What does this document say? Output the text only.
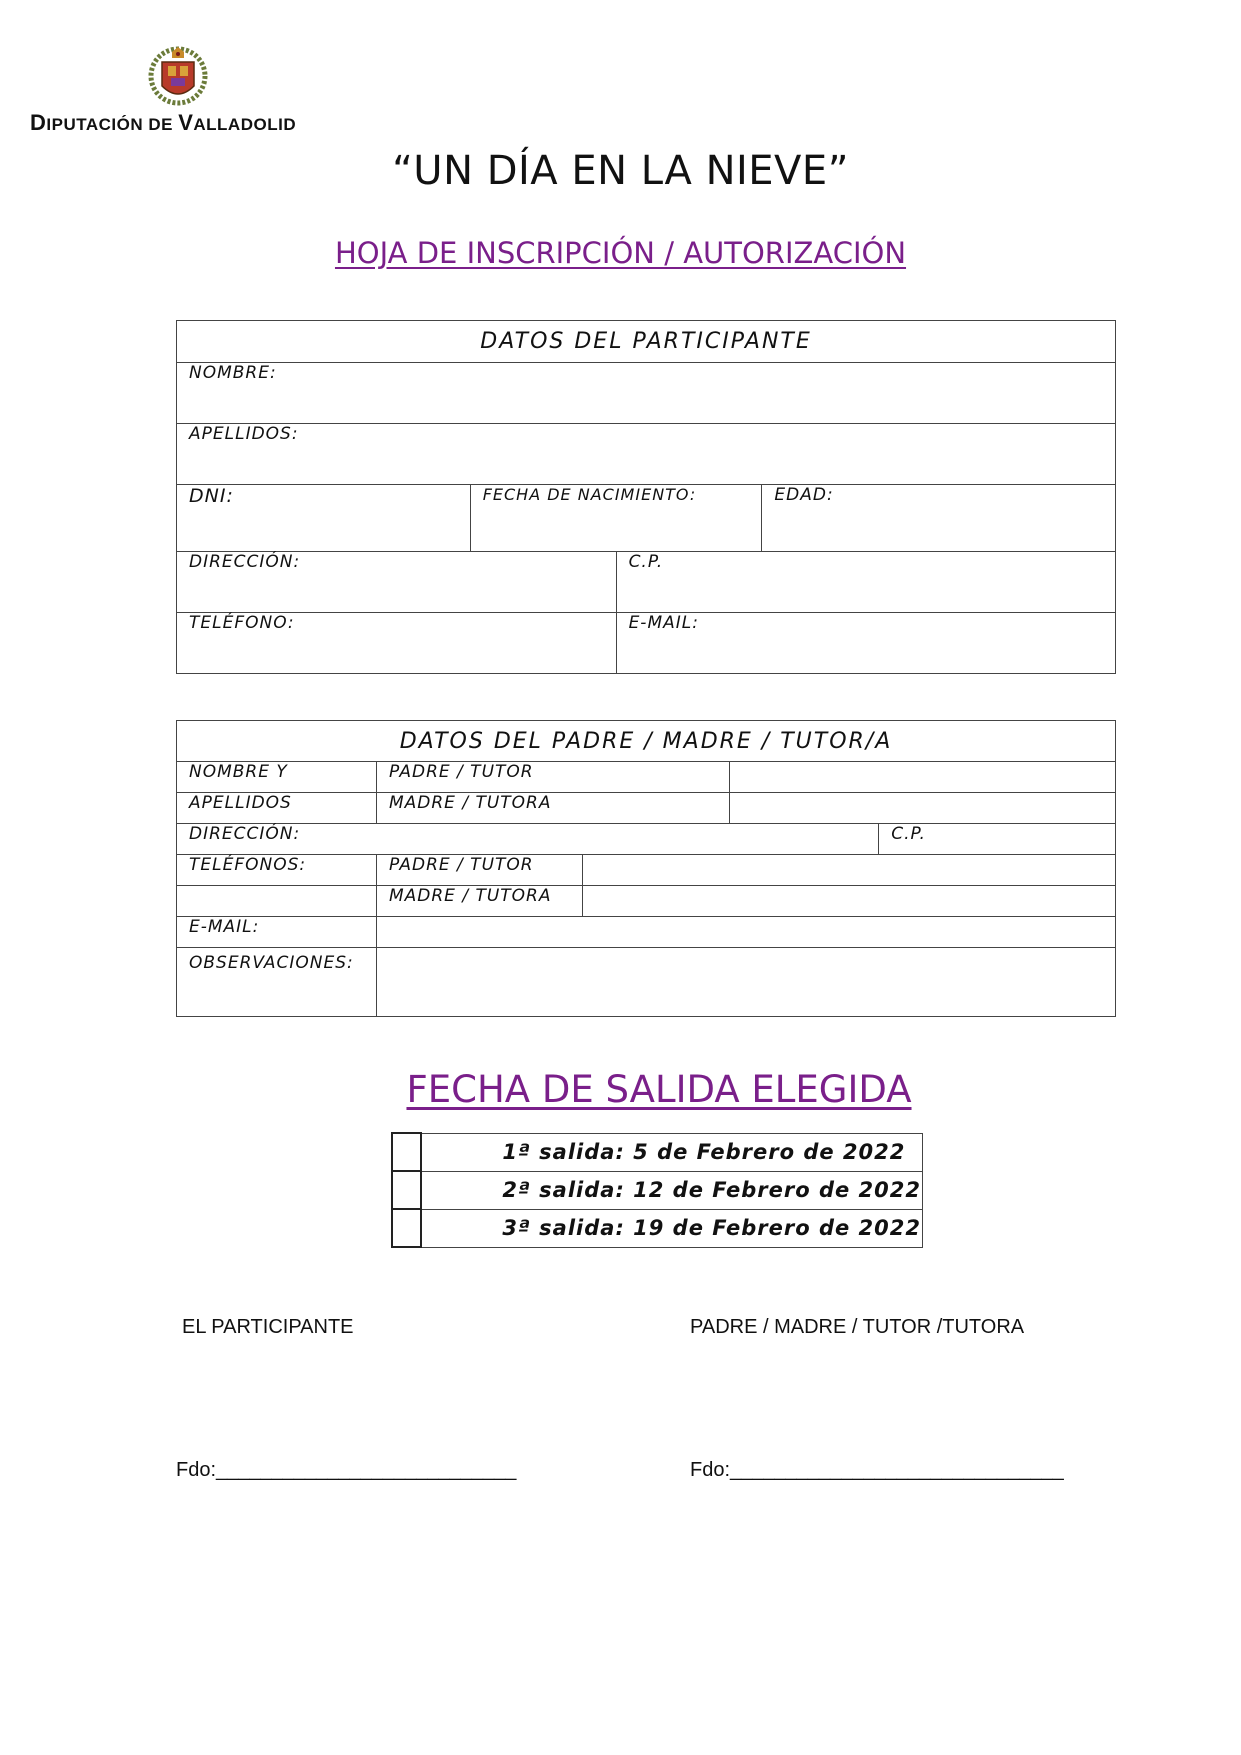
DIPUTACIÓN DE VALLADOLID
“UN DÍA EN LA NIEVE”
HOJA DE INSCRIPCIÓN / AUTORIZACIÓN
DATOS DEL PARTICIPANTE			
NOMBRE:			
APELLIDOS:			
DNI:	FECHA DE NACIMIENTO:		EDAD:
DIRECCIÓN:		C.P.	
TELÉFONO:		E-MAIL:	
DATOS DEL PADRE / MADRE / TUTOR/A				
NOMBRE Y	PADRE / TUTOR			
APELLIDOS	MADRE / TUTORA			
DIRECCIÓN:				C.P.
TELÉFONOS:	PADRE / TUTOR			
	MADRE / TUTORA			
E-MAIL:				
OBSERVACIONES:				
FECHA DE SALIDA ELEGIDA
	1ª salida: 5 de Febrero de 2022
	2ª salida: 12 de Febrero de 2022
	3ª salida: 19 de Febrero de 2022
EL PARTICIPANTE	PADRE / MADRE / TUTOR /TUTORA
Fdo:___________________________	Fdo:______________________________
